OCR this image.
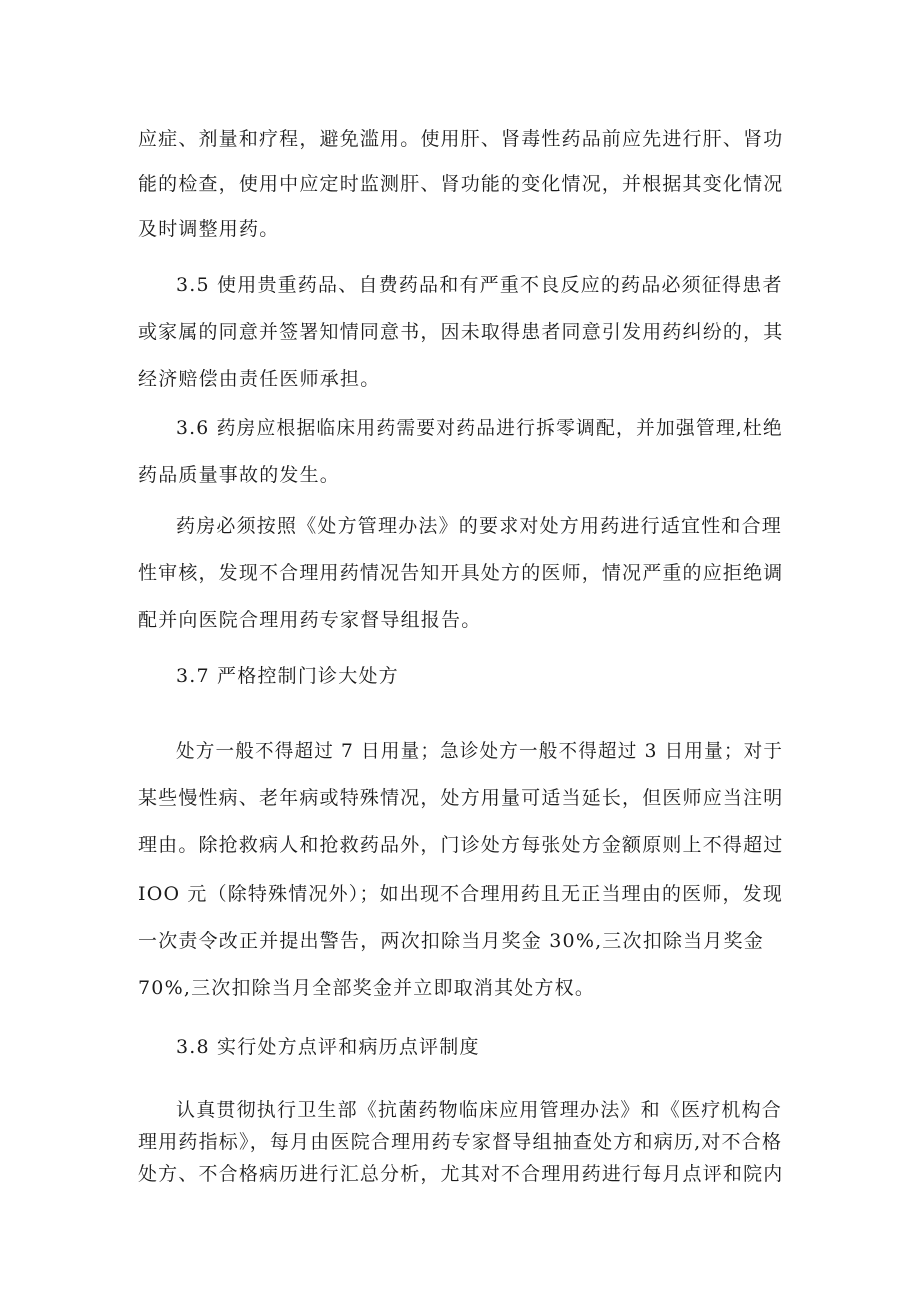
应症、剂量和疗程，避免滥用。使用肝、肾毒性药品前应先进行肝、肾功
能的检查，使用中应定时监测肝、肾功能的变化情况，并根据其变化情况
及时调整用药。
3.5 使用贵重药品、自费药品和有严重不良反应的药品必须征得患者
或家属的同意并签署知情同意书，因未取得患者同意引发用药纠纷的，其
经济赔偿由责任医师承担。
3.6 药房应根据临床用药需要对药品进行拆零调配，并加强管理,杜绝
药品质量事故的发生。
药房必须按照《处方管理办法》的要求对处方用药进行适宜性和合理
性审核，发现不合理用药情况告知开具处方的医师，情况严重的应拒绝调
配并向医院合理用药专家督导组报告。
3.7 严格控制门诊大处方
处方一般不得超过 7 日用量；急诊处方一般不得超过 3 日用量；对于
某些慢性病、老年病或特殊情况，处方用量可适当延长，但医师应当注明
理由。除抢救病人和抢救药品外，门诊处方每张处方金额原则上不得超过
IOO 元（除特殊情况外）；如出现不合理用药且无正当理由的医师，发现
一次责令改正并提出警告，两次扣除当月奖金 30%,三次扣除当月奖金
70%,三次扣除当月全部奖金并立即取消其处方权。
3.8 实行处方点评和病历点评制度
认真贯彻执行卫生部《抗菌药物临床应用管理办法》和《医疗机构合
理用药指标》，每月由医院合理用药专家督导组抽查处方和病历,对不合格
处方、不合格病历进行汇总分析，尤其对不合理用药进行每月点评和院内
